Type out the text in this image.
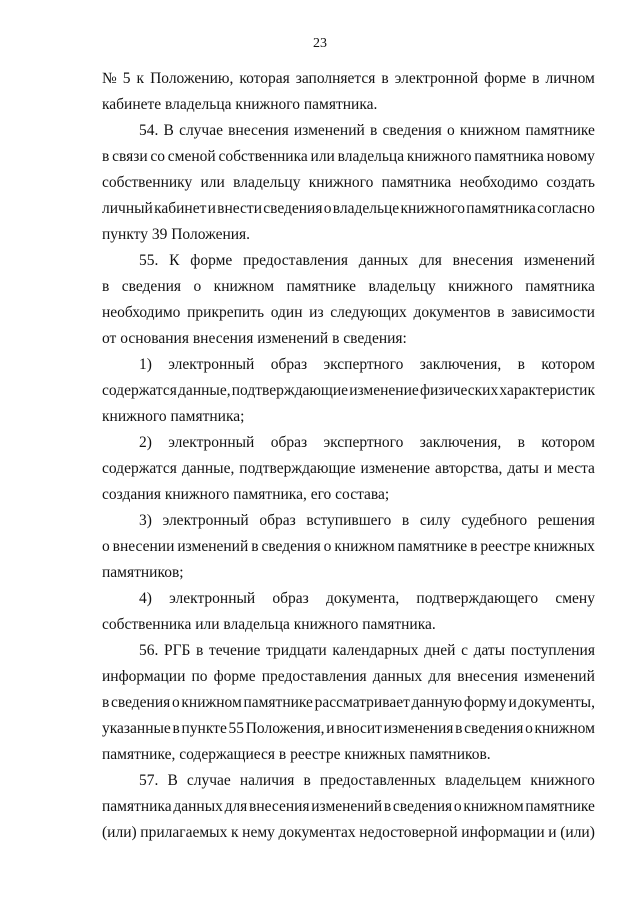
23
№ 5 к Положению, которая заполняется в электронной форме в личном
кабинете владельца книжного памятника.
54. В случае внесения изменений в сведения о книжном памятнике
в связи со сменой собственника или владельца книжного памятника новому
собственнику или владельцу книжного памятника необходимо создать
личный кабинет и внести сведения о владельце книжного памятника согласно
пункту 39 Положения.
55. К форме предоставления данных для внесения изменений
в сведения о книжном памятнике владельцу книжного памятника
необходимо прикрепить один из следующих документов в зависимости
от основания внесения изменений в сведения:
1) электронный образ экспертного заключения, в котором
содержатся данные, подтверждающие изменение физических характеристик
книжного памятника;
2) электронный образ экспертного заключения, в котором
содержатся данные, подтверждающие изменение авторства, даты и места
создания книжного памятника, его состава;
3) электронный образ вступившего в силу судебного решения
о внесении изменений в сведения о книжном памятнике в реестре книжных
памятников;
4) электронный образ документа, подтверждающего смену
собственника или владельца книжного памятника.
56. РГБ в течение тридцати календарных дней с даты поступления
информации по форме предоставления данных для внесения изменений
в сведения о книжном памятнике рассматривает данную форму и документы,
указанные в пункте 55 Положения, и вносит изменения в сведения о книжном
памятнике, содержащиеся в реестре книжных памятников.
57. В случае наличия в предоставленных владельцем книжного
памятника данных для внесения изменений в сведения о книжном памятнике
(или) прилагаемых к нему документах недостоверной информации и (или)
